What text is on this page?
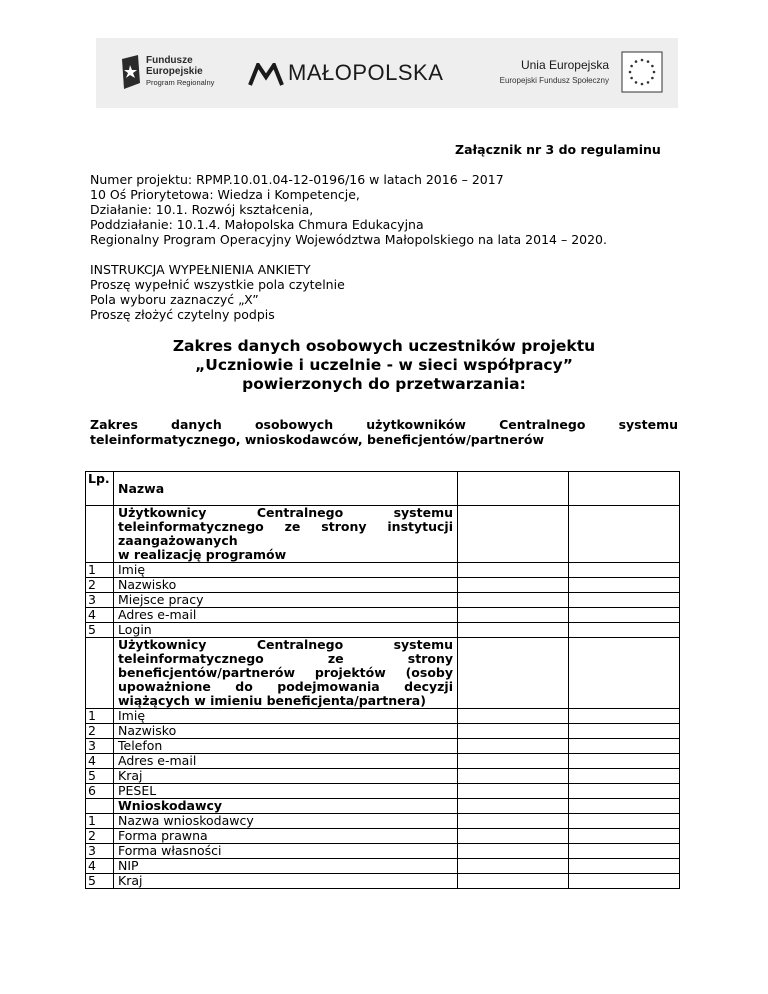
Fundusze
Europejskie
Program Regionalny	MAŁOPOLSKA	Unia Europejska
Europejski Fundusz Społeczny
Załącznik nr 3 do regulaminu
Numer projektu: RPMP.10.01.04-12-0196/16 w latach 2016 – 2017
10 Oś Priorytetowa: Wiedza i Kompetencje,
Działanie: 10.1. Rozwój kształcenia,
Poddziałanie: 10.1.4. Małopolska Chmura Edukacyjna
Regionalny Program Operacyjny Województwa Małopolskiego na lata 2014 – 2020.
INSTRUKCJA WYPEŁNIENIA ANKIETY
Proszę wypełnić wszystkie pola czytelnie
Pola wyboru zaznaczyć „X”
Proszę złożyć czytelny podpis
Zakres danych osobowych uczestników projektu
„Uczniowie i uczelnie - w sieci współpracy”
powierzonych do przetwarzania:
Zakres danych osobowych użytkowników Centralnego systemu
teleinformatycznego, wnioskodawców, beneficjentów/partnerów
Lp.	Nazwa		

	Użytkownicy Centralnego systemu
teleinformatycznego ze strony instytucji
zaangażowanych
w realizację programów		

1	Imię		
2	Nazwisko		
3	Miejsce pracy		
4	Adres e-mail		
5	Login		

	Użytkownicy Centralnego systemu
teleinformatycznego ze strony
beneficjentów/partnerów projektów (osoby
upoważnione do podejmowania decyzji
wiążących w imieniu beneficjenta/partnera)		

1	Imię		
2	Nazwisko		
3	Telefon		
4	Adres e-mail		
5	Kraj		
6	PESEL		
	Wnioskodawcy		
1	Nazwa wnioskodawcy		
2	Forma prawna		
3	Forma własności		
4	NIP		
5	Kraj		
